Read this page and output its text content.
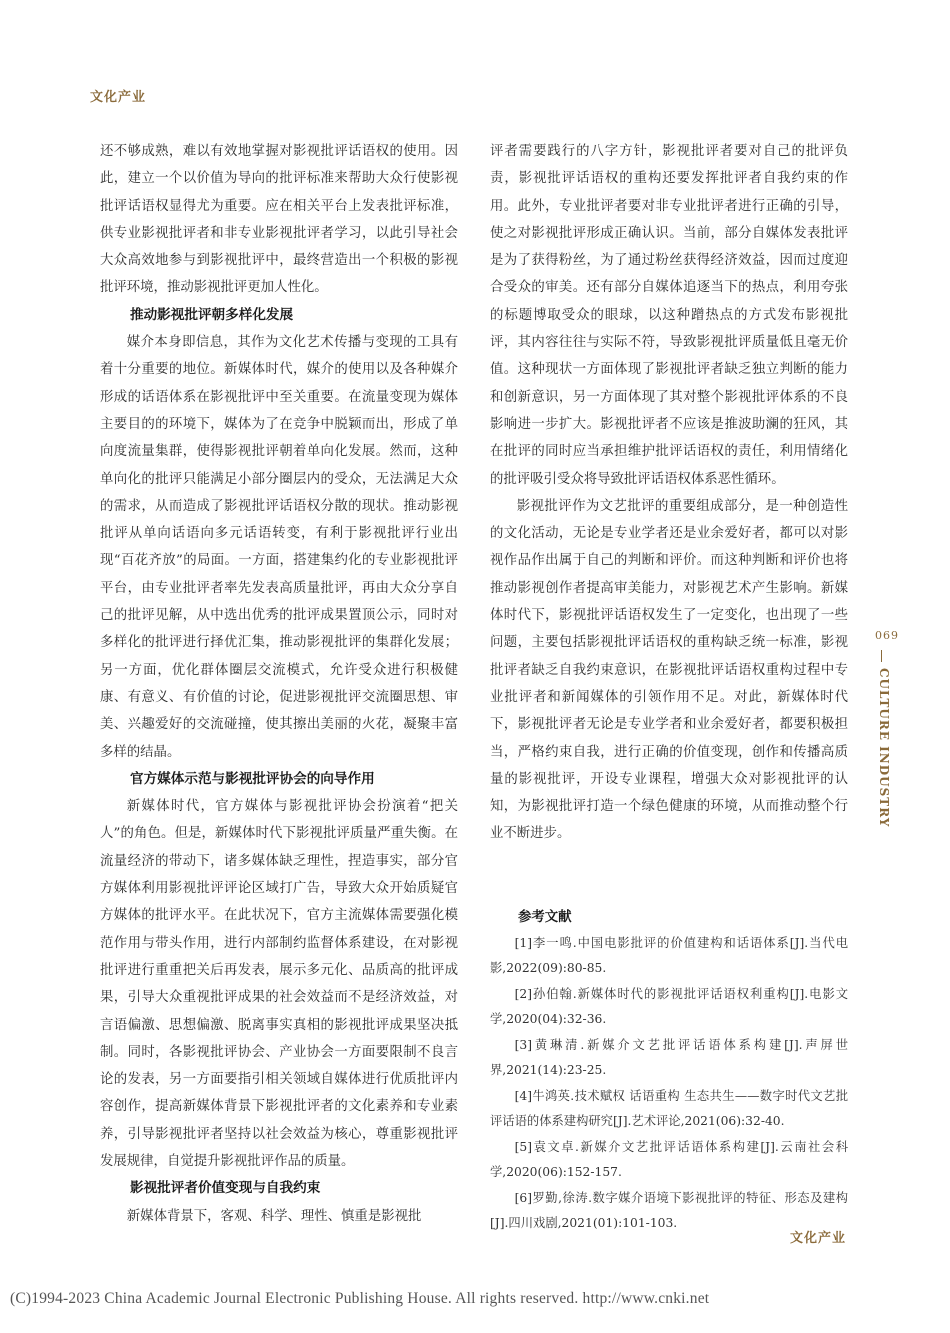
文化产业

还不够成熟，难以有效地掌握对影视批评话语权的使用。因此，建立一个以价值为导向的批评标准来帮助大众行使影视批评话语权显得尤为重要。应在相关平台上发表批评标准，供专业影视批评者和非专业影视批评者学习，以此引导社会大众高效地参与到影视批评中，最终营造出一个积极的影视批评环境，推动影视批评更加人性化。

推动影视批评朝多样化发展

媒介本身即信息，其作为文化艺术传播与变现的工具有着十分重要的地位。新媒体时代，媒介的使用以及各种媒介形成的话语体系在影视批评中至关重要。在流量变现为媒体主要目的的环境下，媒体为了在竞争中脱颖而出，形成了单向度流量集群，使得影视批评朝着单向化发展。然而，这种单向化的批评只能满足小部分圈层内的受众，无法满足大众的需求，从而造成了影视批评话语权分散的现状。推动影视批评从单向话语向多元话语转变，有利于影视批评行业出现“百花齐放”的局面。一方面，搭建集约化的专业影视批评平台，由专业批评者率先发表高质量批评，再由大众分享自己的批评见解，从中选出优秀的批评成果置顶公示，同时对多样化的批评进行择优汇集，推动影视批评的集群化发展；另一方面，优化群体圈层交流模式，允许受众进行积极健康、有意义、有价值的讨论，促进影视批评交流圈思想、审美、兴趣爱好的交流碰撞，使其擦出美丽的火花，凝聚丰富多样的结晶。

官方媒体示范与影视批评协会的向导作用

新媒体时代，官方媒体与影视批评协会扮演着“把关人”的角色。但是，新媒体时代下影视批评质量严重失衡。在流量经济的带动下，诸多媒体缺乏理性，捏造事实，部分官方媒体利用影视批评评论区域打广告，导致大众开始质疑官方媒体的批评水平。在此状况下，官方主流媒体需要强化模范作用与带头作用，进行内部制约监督体系建设，在对影视批评进行重重把关后再发表，展示多元化、品质高的批评成果，引导大众重视批评成果的社会效益而不是经济效益，对言语偏激、思想偏激、脱离事实真相的影视批评成果坚决抵制。同时，各影视批评协会、产业协会一方面要限制不良言论的发表，另一方面要指引相关领域自媒体进行优质批评内容创作，提高新媒体背景下影视批评者的文化素养和专业素养，引导影视批评者坚持以社会效益为核心，尊重影视批评发展规律，自觉提升影视批评作品的质量。

影视批评者价值变现与自我约束

新媒体背景下，客观、科学、理性、慎重是影视批

评者需要践行的八字方针，影视批评者要对自己的批评负责，影视批评话语权的重构还要发挥批评者自我约束的作用。此外，专业批评者要对非专业批评者进行正确的引导，使之对影视批评形成正确认识。当前，部分自媒体发表批评是为了获得粉丝，为了通过粉丝获得经济效益，因而过度迎合受众的审美。还有部分自媒体追逐当下的热点，利用夸张的标题博取受众的眼球，以这种蹭热点的方式发布影视批评，其内容往往与实际不符，导致影视批评质量低且毫无价值。这种现状一方面体现了影视批评者缺乏独立判断的能力和创新意识，另一方面体现了其对整个影视批评体系的不良影响进一步扩大。影视批评者不应该是推波助澜的狂风，其在批评的同时应当承担维护批评话语权的责任，利用情绪化的批评吸引受众将导致批评话语权体系恶性循环。

影视批评作为文艺批评的重要组成部分，是一种创造性的文化活动，无论是专业学者还是业余爱好者，都可以对影视作品作出属于自己的判断和评价。而这种判断和评价也将推动影视创作者提高审美能力，对影视艺术产生影响。新媒体时代下，影视批评话语权发生了一定变化，也出现了一些问题，主要包括影视批评话语权的重构缺乏统一标准，影视批评者缺乏自我约束意识，在影视批评话语权重构过程中专业批评者和新闻媒体的引领作用不足。对此，新媒体时代下，影视批评者无论是专业学者和业余爱好者，都要积极担当，严格约束自我，进行正确的价值变现，创作和传播高质量的影视批评，开设专业课程，增强大众对影视批评的认知，为影视批评打造一个绿色健康的环境，从而推动整个行业不断进步。

参考文献

[1]李一鸣.中国电影批评的价值建构和话语体系[J].当代电影,2022(09):80-85.

[2]孙伯翰.新媒体时代的影视批评话语权利重构[J].电影文学,2020(04):32-36.

[3]黄琳清.新媒介文艺批评话语体系构建[J].声屏世界,2021(14):23-25.

[4]牛鸿英.技术赋权 话语重构 生态共生——数字时代文艺批评话语的体系建构研究[J].艺术评论,2021(06):32-40.

[5]袁文卓.新媒介文艺批评话语体系构建[J].云南社会科学,2020(06):152-157.

[6]罗勤,徐涛.数字媒介语境下影视批评的特征、形态及建构[J].四川戏剧,2021(01):101-103.

069
CULTURE INDUSTRY
文化产业
(C)1994-2023 China Academic Journal Electronic Publishing House. All rights reserved. http://www.cnki.net
